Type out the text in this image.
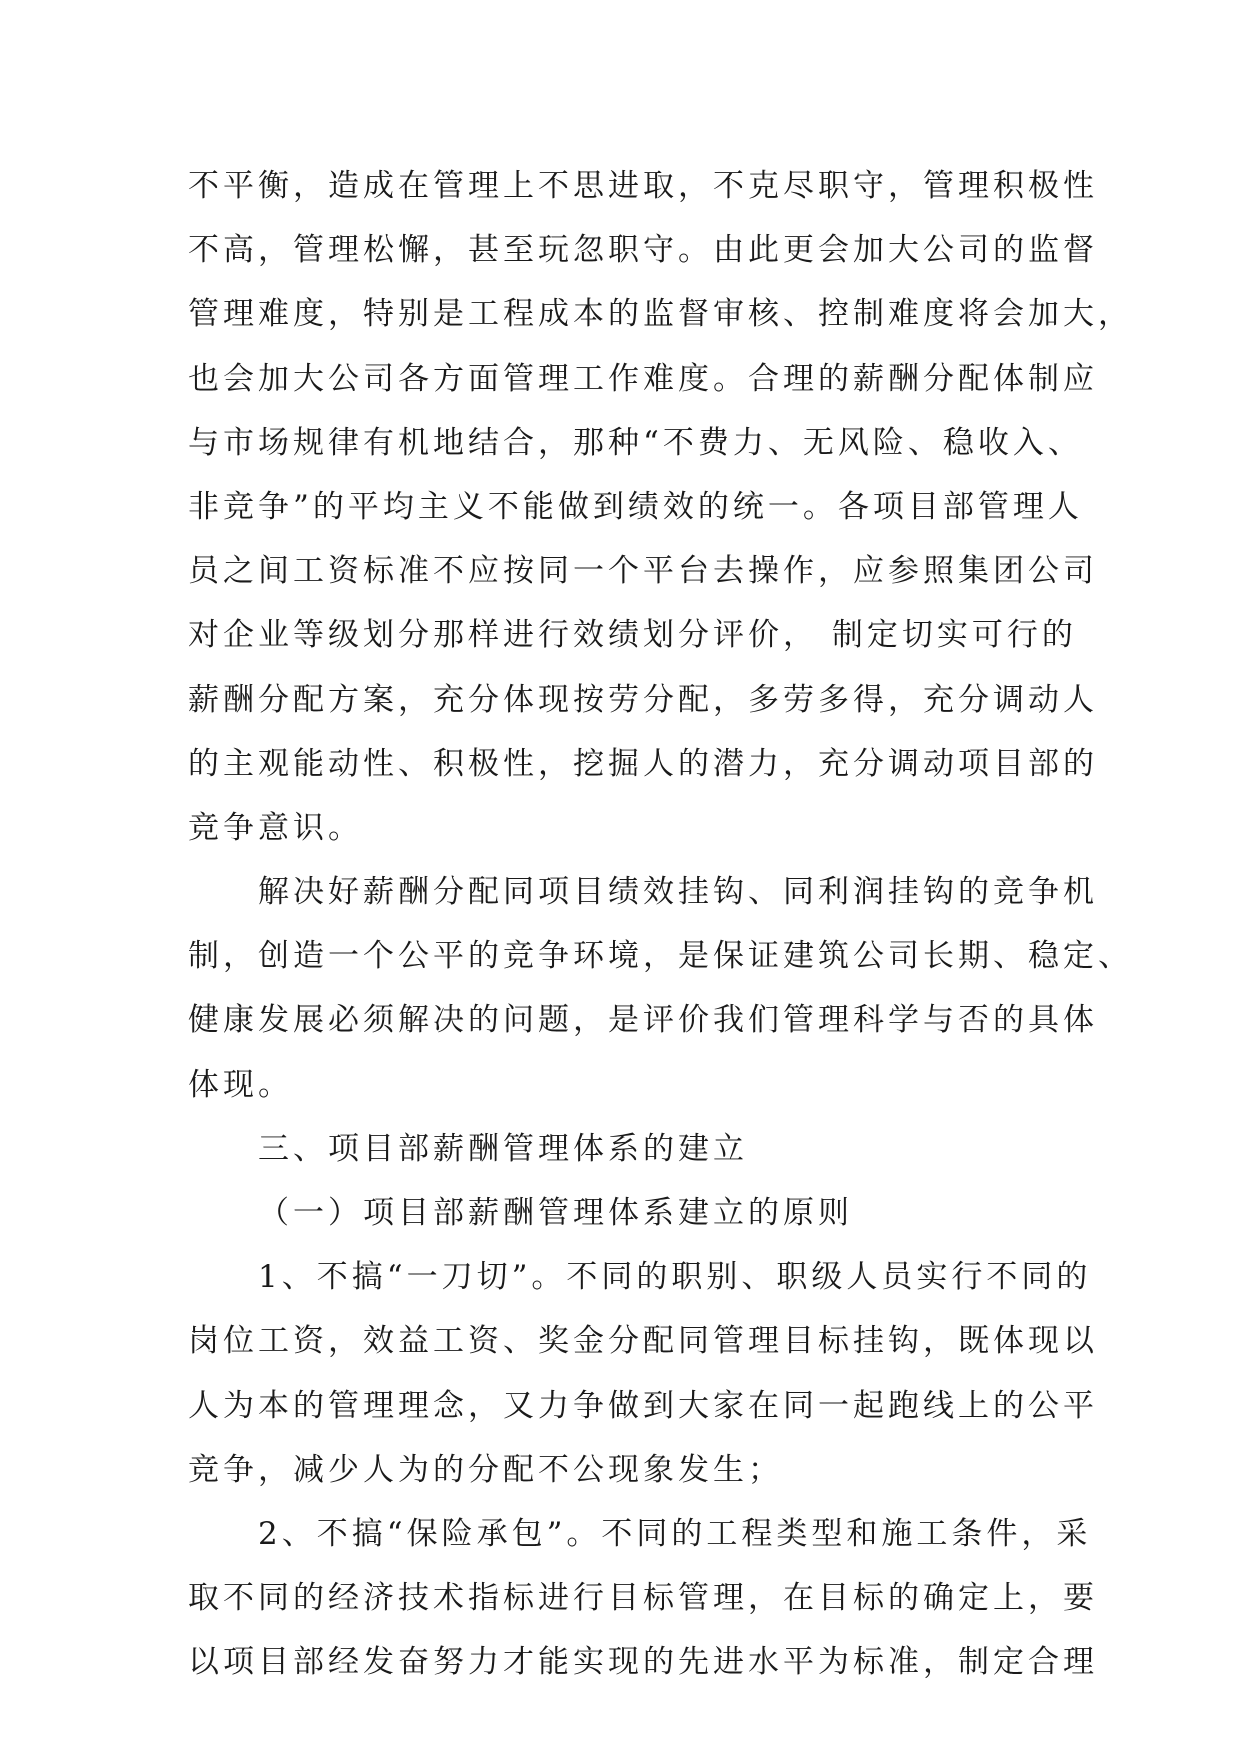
不平衡，造成在管理上不思进取，不克尽职守，管理积极性
不高，管理松懈，甚至玩忽职守。由此更会加大公司的监督
管理难度，特别是工程成本的监督审核、控制难度将会加大，
也会加大公司各方面管理工作难度。合理的薪酬分配体制应
与市场规律有机地结合，那种“不费力、无风险、稳收入、
非竞争”的平均主义不能做到绩效的统一。各项目部管理人
员之间工资标准不应按同一个平台去操作，应参照集团公司
对企业等级划分那样进行效绩划分评价， 制定切实可行的
薪酬分配方案，充分体现按劳分配，多劳多得，充分调动人
的主观能动性、积极性，挖掘人的潜力，充分调动项目部的
竞争意识。
解决好薪酬分配同项目绩效挂钩、同利润挂钩的竞争机
制，创造一个公平的竞争环境，是保证建筑公司长期、稳定、
健康发展必须解决的问题，是评价我们管理科学与否的具体
体现。
三、项目部薪酬管理体系的建立
（一）项目部薪酬管理体系建立的原则
1、不搞“一刀切”。不同的职别、职级人员实行不同的
岗位工资，效益工资、奖金分配同管理目标挂钩，既体现以
人为本的管理理念，又力争做到大家在同一起跑线上的公平
竞争，减少人为的分配不公现象发生；
2、不搞“保险承包”。不同的工程类型和施工条件，采
取不同的经济技术指标进行目标管理，在目标的确定上，要
以项目部经发奋努力才能实现的先进水平为标准，制定合理
